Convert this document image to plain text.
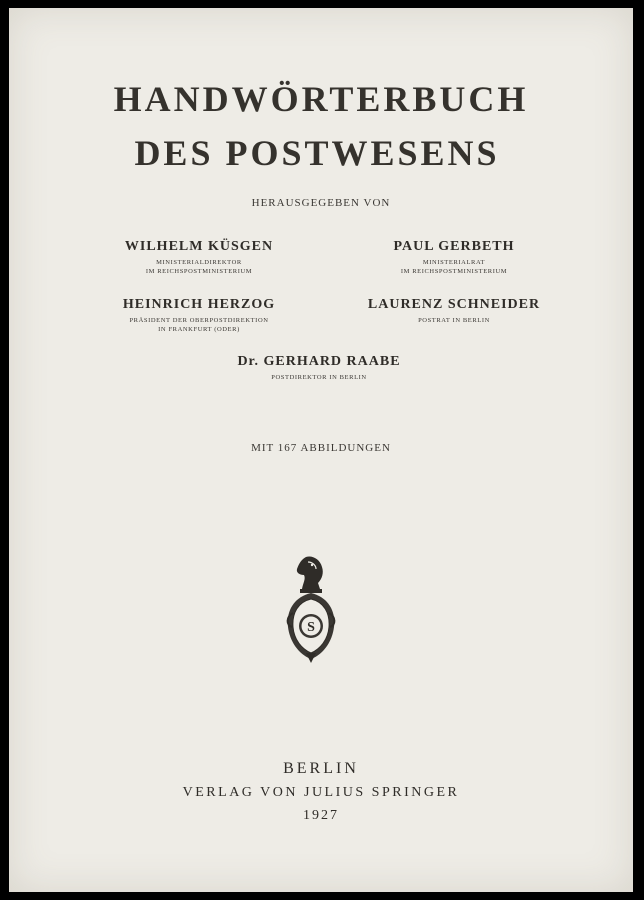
HANDWÖRTERBUCH
DES POSTWESENS
HERAUSGEGEBEN VON
WILHELM KÜSGEN
MINISTERIALDIREKTOR
IM REICHSPOSTMINISTERIUM
PAUL GERBETH
MINISTERIALRAT
IM REICHSPOSTMINISTERIUM
HEINRICH HERZOG
PRÄSIDENT DER OBERPOSTDIREKTION
IN FRANKFURT (ODER)
LAURENZ SCHNEIDER
POSTRAT IN BERLIN
Dr. GERHARD RAABE
POSTDIREKTOR IN BERLIN
MIT 167 ABBILDUNGEN
S
BERLIN
VERLAG VON JULIUS SPRINGER
1927
